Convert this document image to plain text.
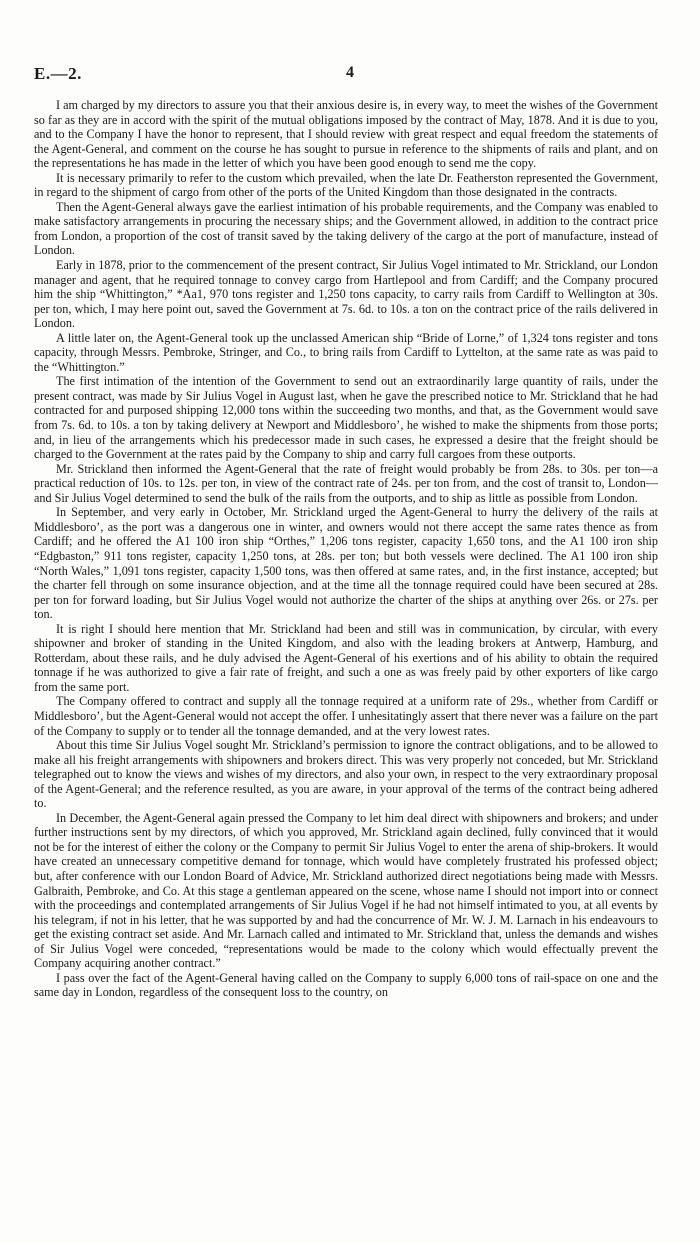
E.—2.	4

I am charged by my directors to assure you that their anxious desire is, in every way, to meet the wishes of the Government so far as they are in accord with the spirit of the mutual obligations imposed by the contract of May, 1878. And it is due to you, and to the Company I have the honor to represent, that I should review with great respect and equal freedom the statements of the Agent-General, and comment on the course he has sought to pursue in reference to the shipments of rails and plant, and on the representations he has made in the letter of which you have been good enough to send me the copy.

It is necessary primarily to refer to the custom which prevailed, when the late Dr. Featherston represented the Government, in regard to the shipment of cargo from other of the ports of the United Kingdom than those designated in the contracts.

Then the Agent-General always gave the earliest intimation of his probable requirements, and the Company was enabled to make satisfactory arrangements in procuring the necessary ships; and the Government allowed, in addition to the contract price from London, a proportion of the cost of transit saved by the taking delivery of the cargo at the port of manufacture, instead of London.

Early in 1878, prior to the commencement of the present contract, Sir Julius Vogel intimated to Mr. Strickland, our London manager and agent, that he required tonnage to convey cargo from Hartlepool and from Cardiff; and the Company procured him the ship “Whittington,” *Aa1, 970 tons register and 1,250 tons capacity, to carry rails from Cardiff to Wellington at 30s. per ton, which, I may here point out, saved the Government at 7s. 6d. to 10s. a ton on the contract price of the rails delivered in London.

A little later on, the Agent-General took up the unclassed American ship “Bride of Lorne,” of 1,324 tons register and tons capacity, through Messrs. Pembroke, Stringer, and Co., to bring rails from Cardiff to Lyttelton, at the same rate as was paid to the “Whittington.”

The first intimation of the intention of the Government to send out an extraordinarily large quantity of rails, under the present contract, was made by Sir Julius Vogel in August last, when he gave the prescribed notice to Mr. Strickland that he had contracted for and purposed shipping 12,000 tons within the succeeding two months, and that, as the Government would save from 7s. 6d. to 10s. a ton by taking delivery at Newport and Middlesboro’, he wished to make the shipments from those ports; and, in lieu of the arrangements which his predecessor made in such cases, he expressed a desire that the freight should be charged to the Government at the rates paid by the Company to ship and carry full cargoes from these outports.

Mr. Strickland then informed the Agent-General that the rate of freight would probably be from 28s. to 30s. per ton—a practical reduction of 10s. to 12s. per ton, in view of the contract rate of 24s. per ton from, and the cost of transit to, London—and Sir Julius Vogel determined to send the bulk of the rails from the outports, and to ship as little as possible from London.

In September, and very early in October, Mr. Strickland urged the Agent-General to hurry the delivery of the rails at Middlesboro’, as the port was a dangerous one in winter, and owners would not there accept the same rates thence as from Cardiff; and he offered the A1 100 iron ship “Orthes,” 1,206 tons register, capacity 1,650 tons, and the A1 100 iron ship “Edgbaston,” 911 tons register, capacity 1,250 tons, at 28s. per ton; but both vessels were declined. The A1 100 iron ship “North Wales,” 1,091 tons register, capacity 1,500 tons, was then offered at same rates, and, in the first instance, accepted; but the charter fell through on some insurance objection, and at the time all the tonnage required could have been secured at 28s. per ton for forward loading, but Sir Julius Vogel would not authorize the charter of the ships at anything over 26s. or 27s. per ton.

It is right I should here mention that Mr. Strickland had been and still was in communication, by circular, with every shipowner and broker of standing in the United Kingdom, and also with the leading brokers at Antwerp, Hamburg, and Rotterdam, about these rails, and he duly advised the Agent-General of his exertions and of his ability to obtain the required tonnage if he was authorized to give a fair rate of freight, and such a one as was freely paid by other exporters of like cargo from the same port.

The Company offered to contract and supply all the tonnage required at a uniform rate of 29s., whether from Cardiff or Middlesboro’, but the Agent-General would not accept the offer. I unhesitatingly assert that there never was a failure on the part of the Company to supply or to tender all the tonnage demanded, and at the very lowest rates.

About this time Sir Julius Vogel sought Mr. Strickland’s permission to ignore the contract obligations, and to be allowed to make all his freight arrangements with shipowners and brokers direct. This was very properly not conceded, but Mr. Strickland telegraphed out to know the views and wishes of my directors, and also your own, in respect to the very extraordinary proposal of the Agent-General; and the reference resulted, as you are aware, in your approval of the terms of the contract being adhered to.

In December, the Agent-General again pressed the Company to let him deal direct with shipowners and brokers; and under further instructions sent by my directors, of which you approved, Mr. Strickland again declined, fully convinced that it would not be for the interest of either the colony or the Company to permit Sir Julius Vogel to enter the arena of ship-brokers. It would have created an unnecessary competitive demand for tonnage, which would have completely frustrated his professed object; but, after conference with our London Board of Advice, Mr. Strickland authorized direct negotiations being made with Messrs. Galbraith, Pembroke, and Co. At this stage a gentleman appeared on the scene, whose name I should not import into or connect with the proceedings and contemplated arrangements of Sir Julius Vogel if he had not himself intimated to you, at all events by his telegram, if not in his letter, that he was supported by and had the concurrence of Mr. W. J. M. Larnach in his endeavours to get the existing contract set aside. And Mr. Larnach called and intimated to Mr. Strickland that, unless the demands and wishes of Sir Julius Vogel were conceded, “representations would be made to the colony which would effectually prevent the Company acquiring another contract.”

I pass over the fact of the Agent-General having called on the Company to supply 6,000 tons of rail-space on one and the same day in London, regardless of the consequent loss to the country, on
